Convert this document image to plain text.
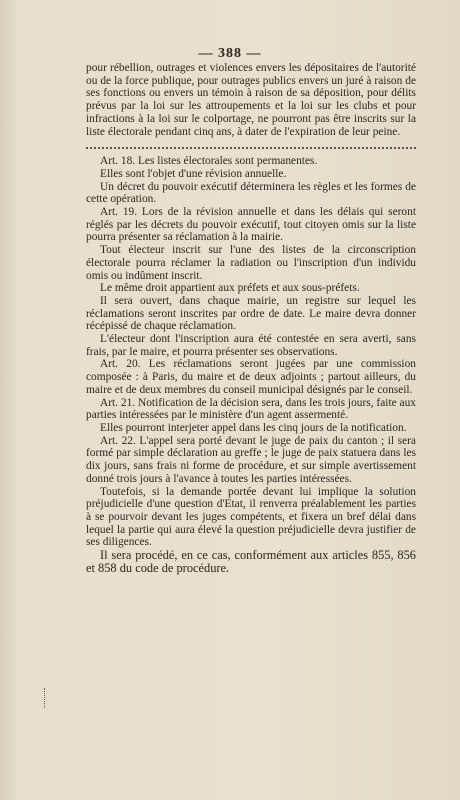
— 388 —

pour rébellion, outrages et violences envers les dépositaires de l'autorité ou de la force publique, pour outrages publics envers un juré à raison de ses fonctions ou envers un témoin à raison de sa déposition, pour délits prévus par la loi sur les attroupements et la loi sur les clubs et pour infractions à la loi sur le colportage, ne pourront pas être inscrits sur la liste électorale pendant cinq ans, à dater de l'expiration de leur peine.

Art. 18. Les listes électorales sont permanentes.

Elles sont l'objet d'une révision annuelle.

Un décret du pouvoir exécutif déterminera les règles et les formes de cette opération.

Art. 19. Lors de la révision annuelle et dans les délais qui seront réglés par les décrets du pouvoir exécutif, tout citoyen omis sur la liste pourra présenter sa réclamation à la mairie.

Tout électeur inscrit sur l'une des listes de la circonscription électorale pourra réclamer la radiation ou l'inscription d'un individu omis ou indûment inscrit.

Le même droit appartient aux préfets et aux sous-préfets.

Il sera ouvert, dans chaque mairie, un registre sur lequel les réclamations seront inscrites par ordre de date. Le maire devra donner récépissé de chaque réclamation.

L'électeur dont l'inscription aura été contestée en sera averti, sans frais, par le maire, et pourra présenter ses observations.

Art. 20. Les réclamations seront jugées par une commission composée : à Paris, du maire et de deux adjoints ; partout ailleurs, du maire et de deux membres du conseil municipal désignés par le conseil.

Art. 21. Notification de la décision sera, dans les trois jours, faite aux parties intéressées par le ministère d'un agent assermenté.

Elles pourront interjeter appel dans les cinq jours de la notification.

Art. 22. L'appel sera porté devant le juge de paix du canton ; il sera formé par simple déclaration au greffe ; le juge de paix statuera dans les dix jours, sans frais ni forme de procédure, et sur simple avertissement donné trois jours à l'avance à toutes les parties intéressées.

Toutefois, si la demande portée devant lui implique la solution préjudicielle d'une question d'Etat, il renverra préalablement les parties à se pourvoir devant les juges compétents, et fixera un bref délai dans lequel la partie qui aura élevé la question préjudicielle devra justifier de ses diligences.

Il sera procédé, en ce cas, conformément aux articles 855, 856 et 858 du code de procédure.
